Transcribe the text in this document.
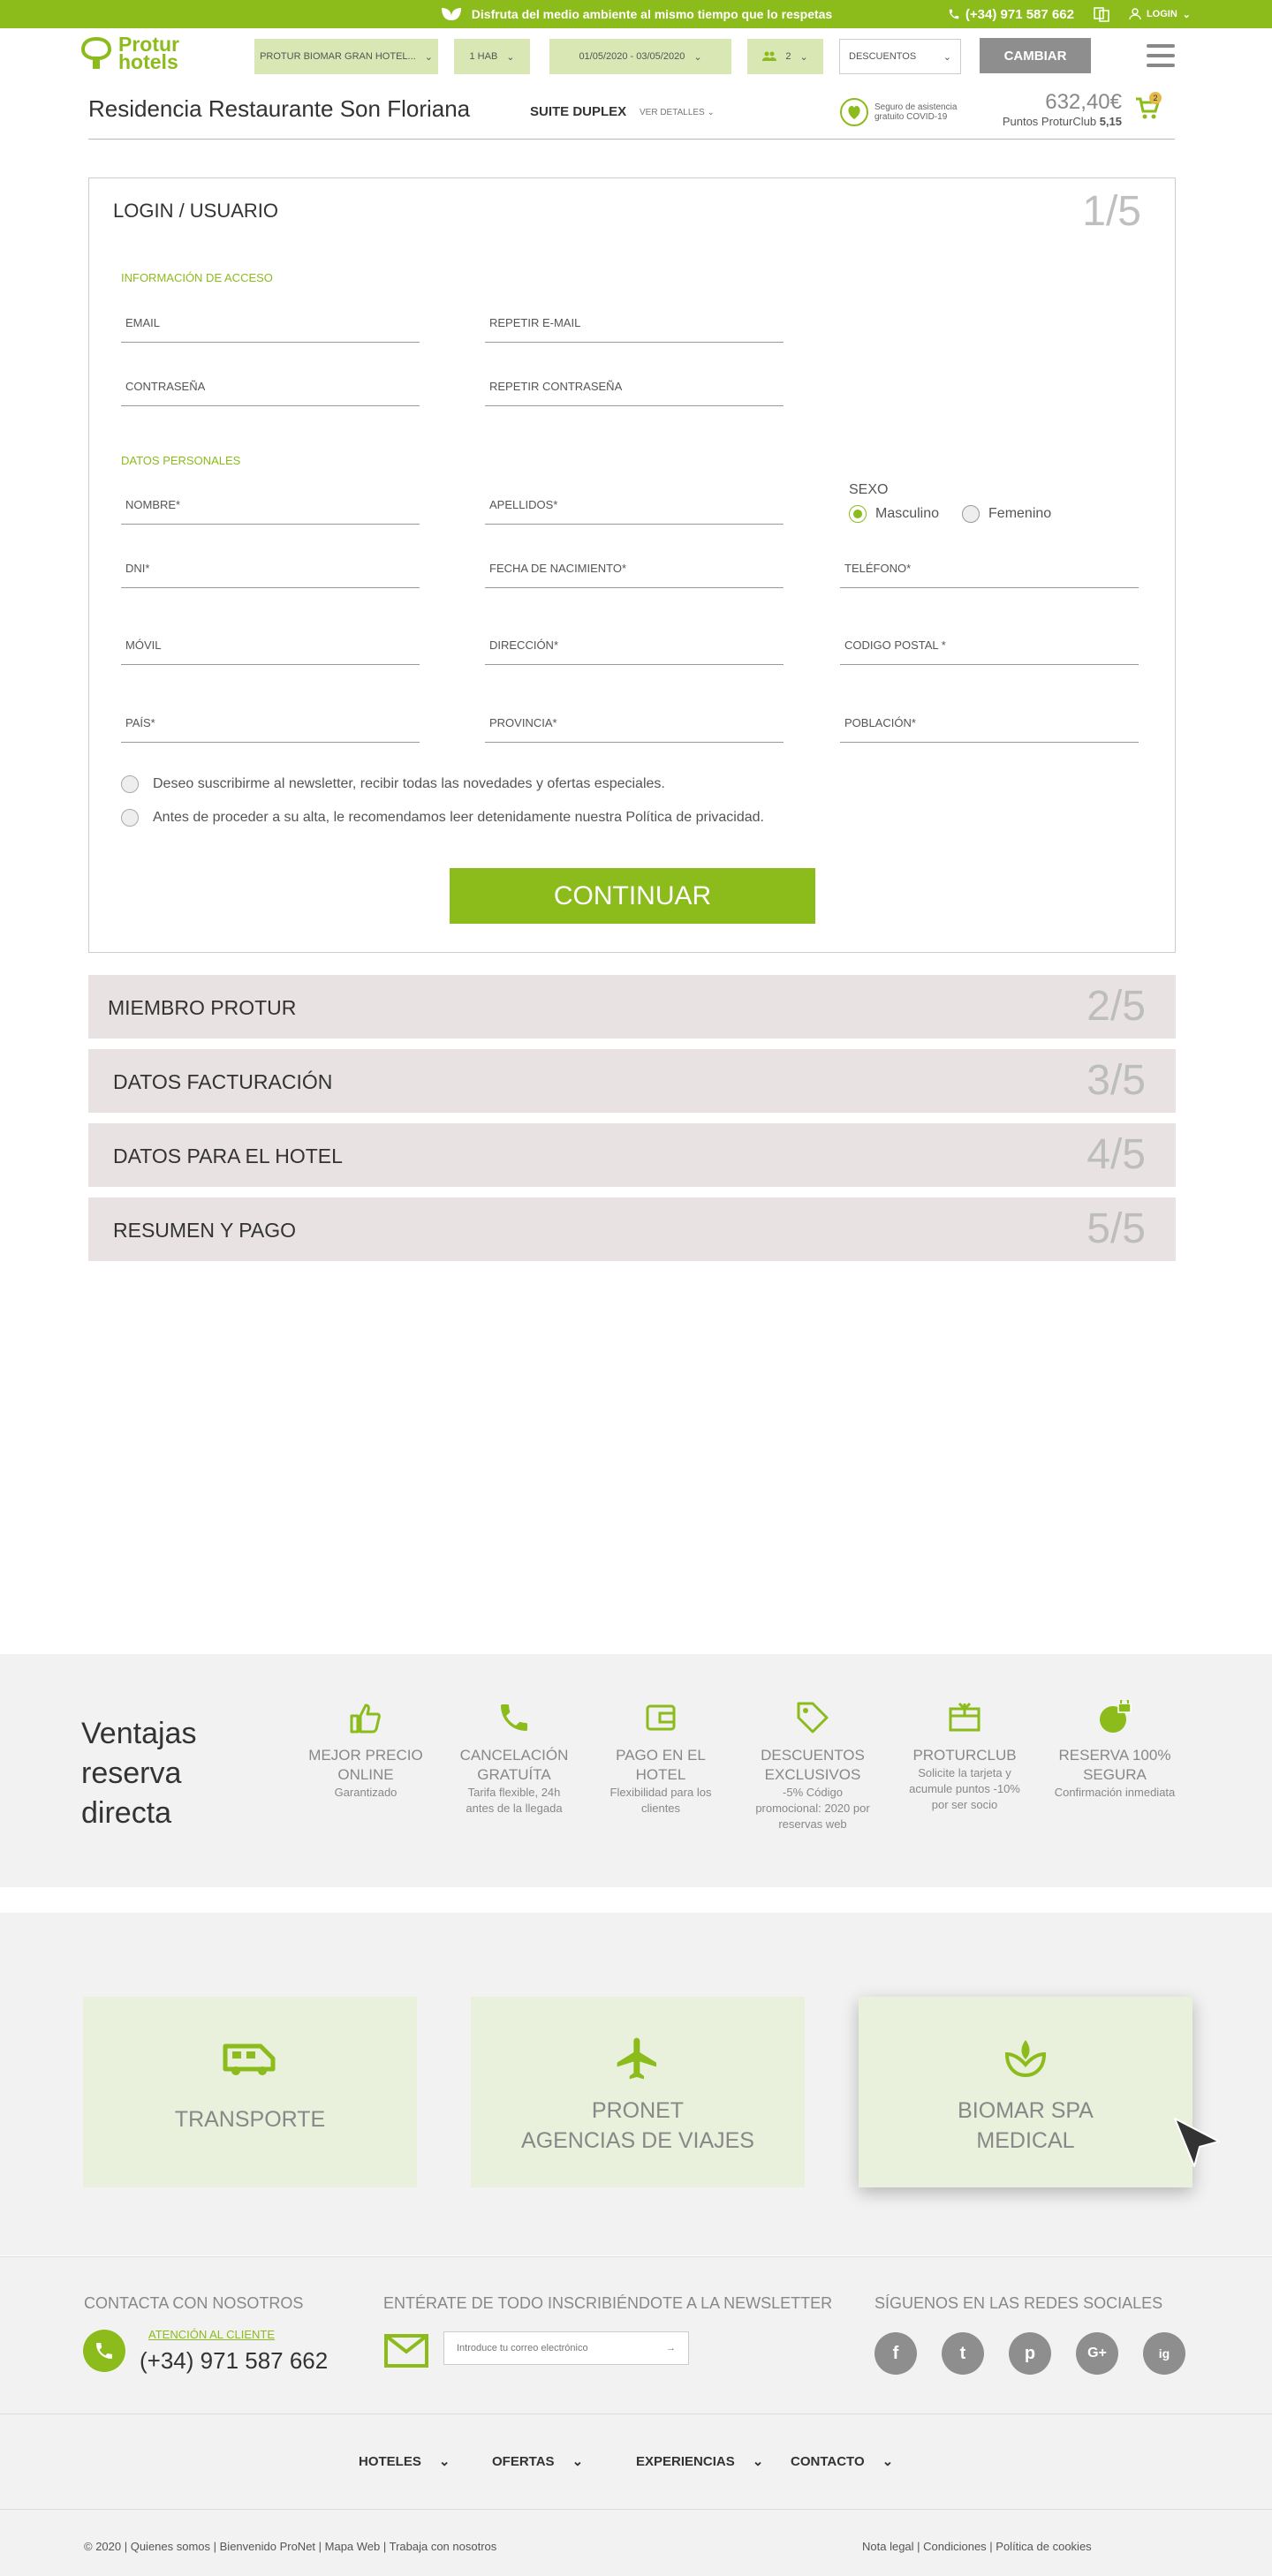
Disfruta del medio ambiente al mismo tiempo que lo respetas	(+34) 971 587 662	LOGIN ⌄
Protur
hotels	PROTUR BIOMAR GRAN HOTEL... ⌄	1 HAB ⌄	01/05/2020 - 03/05/2020 ⌄	2 ⌄	DESCUENTOS	⌄	CAMBIAR
Residencia Restaurante Son Floriana	SUITE DUPLEX VER DETALLES ⌄
Seguro de asistencia
gratuito COVID-19
632,40€
Puntos ProturClub 5,15
2
LOGIN / USUARIO	1/5
INFORMACIÓN DE ACCESO
EMAIL	REPETIR E-MAIL
CONTRASEÑA	REPETIR CONTRASEÑA
DATOS PERSONALES
NOMBRE*	APELLIDOS*
SEXO
Masculino	Femenino
DNI*	FECHA DE NACIMIENTO*	TELÉFONO*
MÓVIL	DIRECCIÓN*	CODIGO POSTAL *
PAÍS*	PROVINCIA*	POBLACIÓN*
Deseo suscribirme al newsletter, recibir todas las novedades y ofertas especiales.
Antes de proceder a su alta, le recomendamos leer detenidamente nuestra Política de privacidad.
CONTINUAR
MIEMBRO PROTUR	2/5
DATOS FACTURACIÓN	3/5
DATOS PARA EL HOTEL	4/5
RESUMEN Y PAGO	5/5
Ventajas reserva directa
MEJOR PRECIO ONLINE
Garantizado
CANCELACIÓN GRATUÍTA
Tarifa flexible, 24h antes de la llegada
PAGO EN EL HOTEL
Flexibilidad para los clientes
DESCUENTOS EXCLUSIVOS
-5% Código promocional: 2020 por reservas web
PROTURCLUB
Solicite la tarjeta y acumule puntos -10% por ser socio
RESERVA 100% SEGURA
Confirmación inmediata
TRANSPORTE	PRONET
AGENCIAS DE VIAJES
BIOMAR SPA
MEDICAL
CONTACTA CON NOSOTROS
ATENCIÓN AL CLIENTE
(+34) 971 587 662
ENTÉRATE DE TODO INSCRIBIÉNDOTE A LA NEWSLETTER
Introduce tu correo electrónico	→
SÍGUENOS EN LAS REDES SOCIALES
f	t	p	G+	ig
HOTELES ⌄	OFERTAS ⌄	EXPERIENCIAS ⌄ CONTACTO ⌄
© 2020 | Quienes somos | Bienvenido ProNet | Mapa Web | Trabaja con nosotros	Nota legal | Condiciones | Política de cookies
